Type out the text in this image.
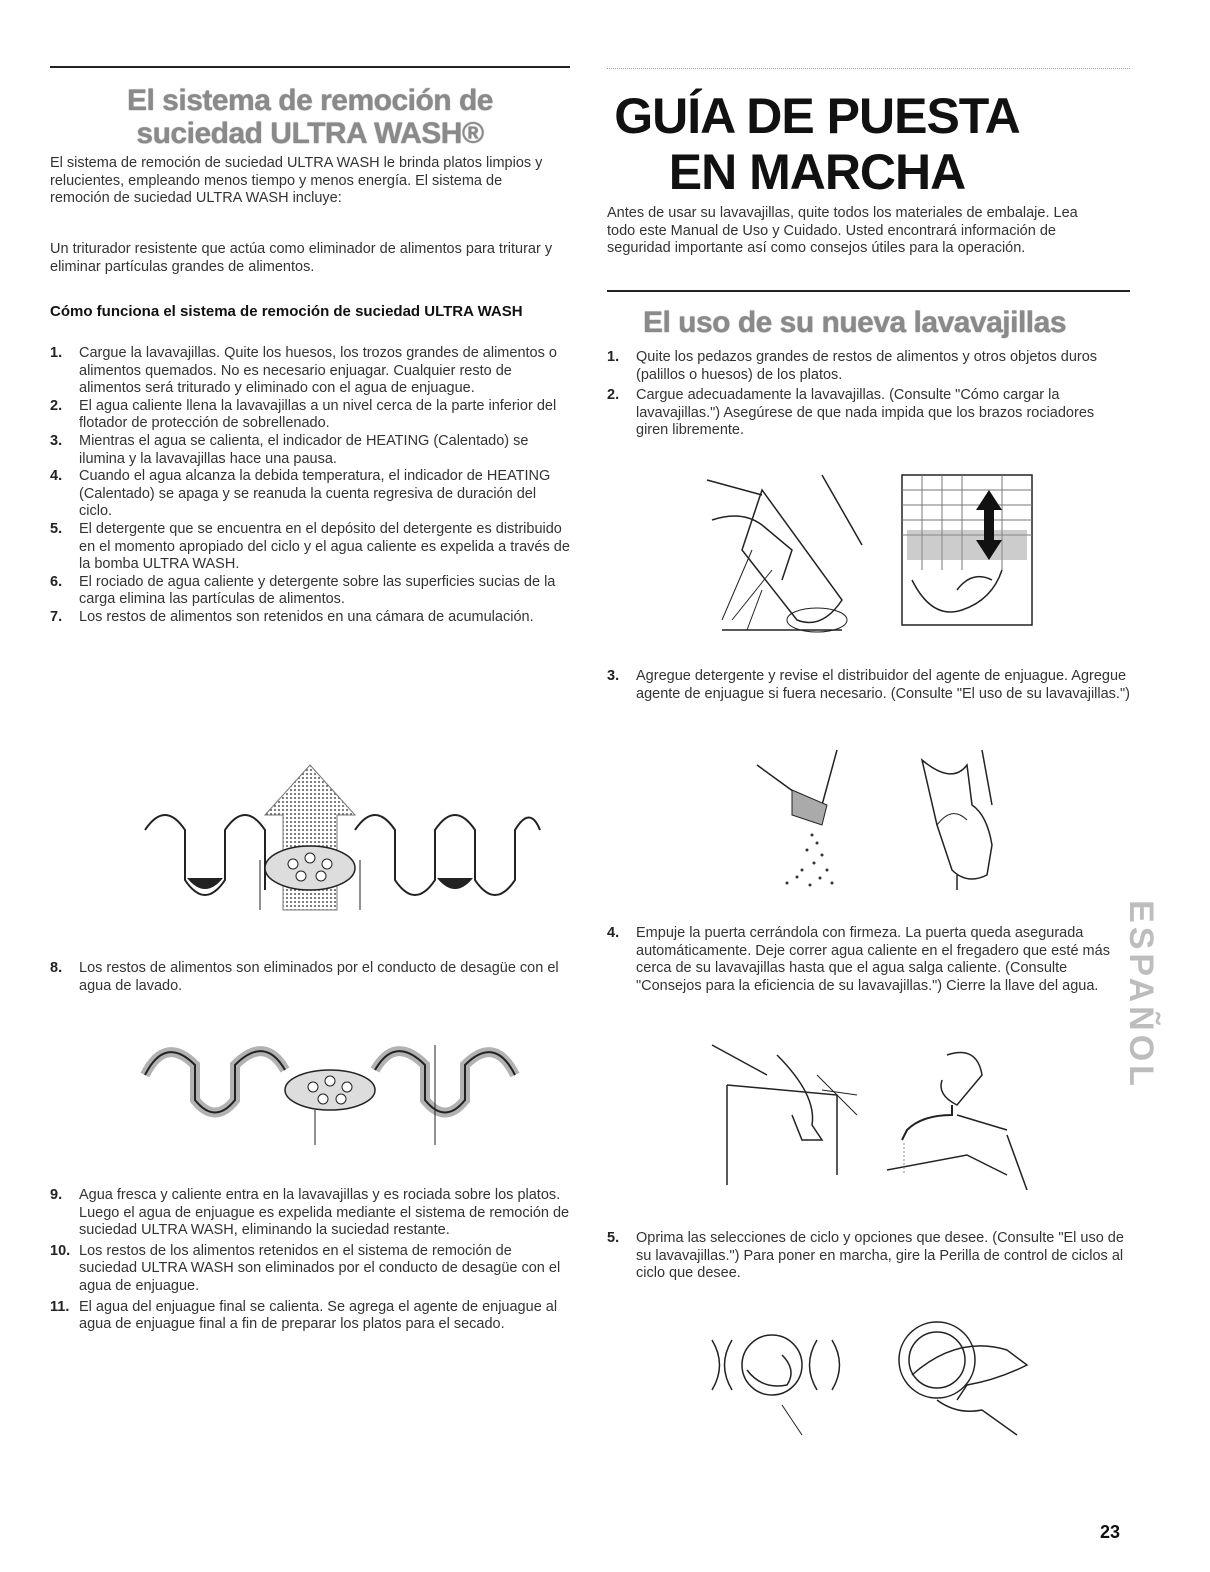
El sistema de remoción de
suciedad ULTRA WASH®

El sistema de remoción de suciedad ULTRA WASH le brinda platos limpios y relucientes, empleando menos tiempo y menos energía. El sistema de remoción de suciedad ULTRA WASH incluye:

Un triturador resistente que actúa como eliminador de alimentos para triturar y eliminar partículas grandes de alimentos.

Cómo funciona el sistema de remoción de suciedad ULTRA WASH

1. Cargue la lavavajillas. Quite los huesos, los trozos grandes de alimentos o alimentos quemados. No es necesario enjuagar. Cualquier resto de alimentos será triturado y eliminado con el agua de enjuague.
2. El agua caliente llena la lavavajillas a un nivel cerca de la parte inferior del flotador de protección de sobrellenado.
3. Mientras el agua se calienta, el indicador de HEATING (Calentado) se ilumina y la lavavajillas hace una pausa.
4. Cuando el agua alcanza la debida temperatura, el indicador de HEATING (Calentado) se apaga y se reanuda la cuenta regresiva de duración del ciclo.
5. El detergente que se encuentra en el depósito del detergente es distribuido en el momento apropiado del ciclo y el agua caliente es expelida a través de la bomba ULTRA WASH.
6. El rociado de agua caliente y detergente sobre las superficies sucias de la carga elimina las partículas de alimentos.
7. Los restos de alimentos son retenidos en una cámara de acumulación.
8. Los restos de alimentos son eliminados por el conducto de desagüe con el agua de lavado.
9. Agua fresca y caliente entra en la lavavajillas y es rociada sobre los platos. Luego el agua de enjuague es expelida mediante el sistema de remoción de suciedad ULTRA WASH, eliminando la suciedad restante.
10. Los restos de los alimentos retenidos en el sistema de remoción de suciedad ULTRA WASH son eliminados por el conducto de desagüe con el agua de enjuague.
11. El agua del enjuague final se calienta. Se agrega el agente de enjuague al agua de enjuague final a fin de preparar los platos para el secado.

GUÍA DE PUESTA

EN MARCHA

Antes de usar su lavavajillas, quite todos los materiales de embalaje. Lea todo este Manual de Uso y Cuidado. Usted encontrará información de seguridad importante así como consejos útiles para la operación.

El uso de su nueva lavavajillas
1. Quite los pedazos grandes de restos de alimentos y otros objetos duros (palillos o huesos) de los platos.
2. Cargue adecuadamente la lavavajillas. (Consulte "Cómo cargar la lavavajillas.") Asegúrese de que nada impida que los brazos rociadores giren libremente.
3. Agregue detergente y revise el distribuidor del agente de enjuague. Agregue agente de enjuague si fuera necesario. (Consulte "El uso de su lavavajillas.")
4. Empuje la puerta cerrándola con firmeza. La puerta queda asegurada automáticamente. Deje correr agua caliente en el fregadero que esté más cerca de su lavavajillas hasta que el agua salga caliente. (Consulte "Consejos para la eficiencia de su lavavajillas.") Cierre la llave del agua.
5. Oprima las selecciones de ciclo y opciones que desee. (Consulte "El uso de su lavavajillas.") Para poner en marcha, gire la Perilla de control de ciclos al ciclo que desee.
ESPAÑOL
23
